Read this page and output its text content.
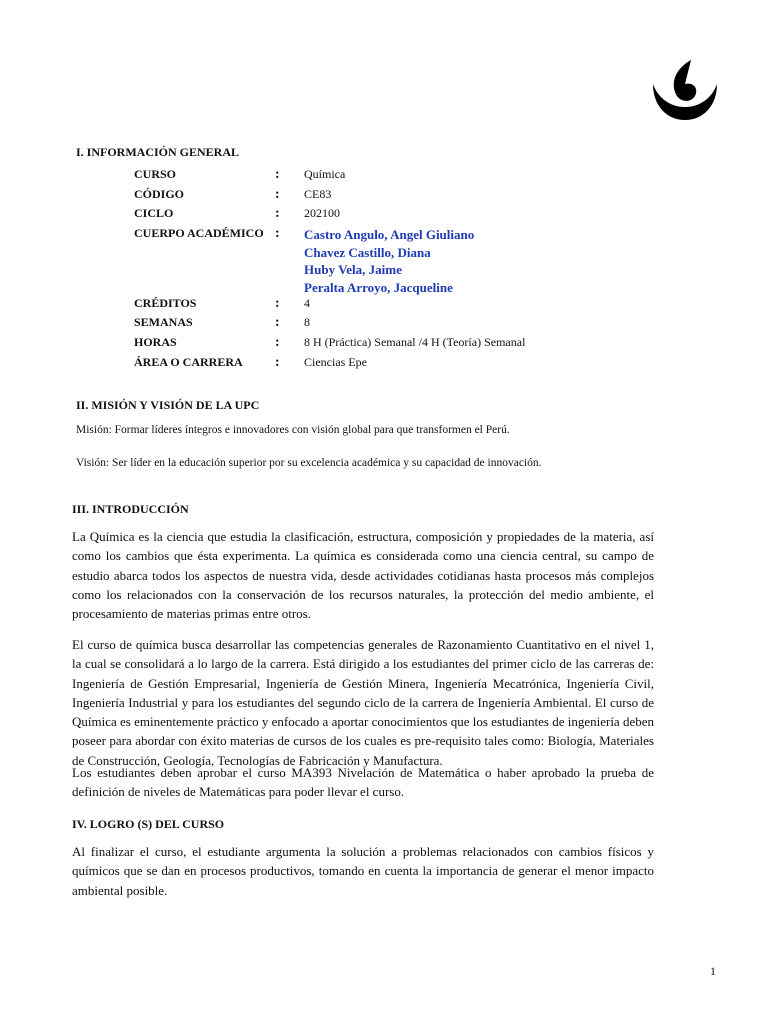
I. INFORMACIÓN GENERAL
CURSO	: Química
CÓDIGO	: CE83
CICLO	: 202100
CUERPO ACADÉMICO : Castro Angulo, Angel Giuliano
Chavez Castillo, Diana
Huby Vela, Jaime
Peralta Arroyo, Jacqueline
CRÉDITOS	: 4
SEMANAS	: 8
HORAS	: 8 H (Práctica) Semanal /4 H (Teoría) Semanal
ÁREA O CARRERA : Ciencias Epe
II. MISIÓN Y VISIÓN DE LA UPC
Misión: Formar líderes íntegros e innovadores con visión global para que transformen el Perú.
Visión: Ser líder en la educación superior por su excelencia académica y su capacidad de innovación.
III. INTRODUCCIÓN
La Química es la ciencia que estudia la clasificación, estructura, composición y propiedades de la materia, así como los cambios que ésta experimenta. La química es considerada como una ciencia central, su campo de estudio abarca todos los aspectos de nuestra vida, desde actividades cotidianas hasta procesos más complejos como los relacionados con la conservación de los recursos naturales, la protección del medio ambiente, el procesamiento de materias primas entre otros.
El curso de química busca desarrollar las competencias generales de Razonamiento Cuantitativo en el nivel 1, la cual se consolidará a lo largo de la carrera. Está dirigido a los estudiantes del primer ciclo de las carreras de: Ingeniería de Gestión Empresarial, Ingeniería de Gestión Minera, Ingeniería Mecatrónica, Ingeniería Civil, Ingeniería Industrial y para los estudiantes del segundo ciclo de la carrera de Ingeniería Ambiental. El curso de Química es eminentemente práctico y enfocado a aportar conocimientos que los estudiantes de ingeniería deben poseer para abordar con éxito materias de cursos de los cuales es pre-requisito tales como: Biología, Materiales de Construcción, Geología, Tecnologías de Fabricación y Manufactura.
Los estudiantes deben aprobar el curso MA393 Nivelación de Matemática o haber aprobado la prueba de definición de niveles de Matemáticas para poder llevar el curso.
IV. LOGRO (S) DEL CURSO
Al finalizar el curso, el estudiante argumenta la solución a problemas relacionados con cambios físicos y químicos que se dan en procesos productivos, tomando en cuenta la importancia de generar el menor impacto ambiental posible.
1
